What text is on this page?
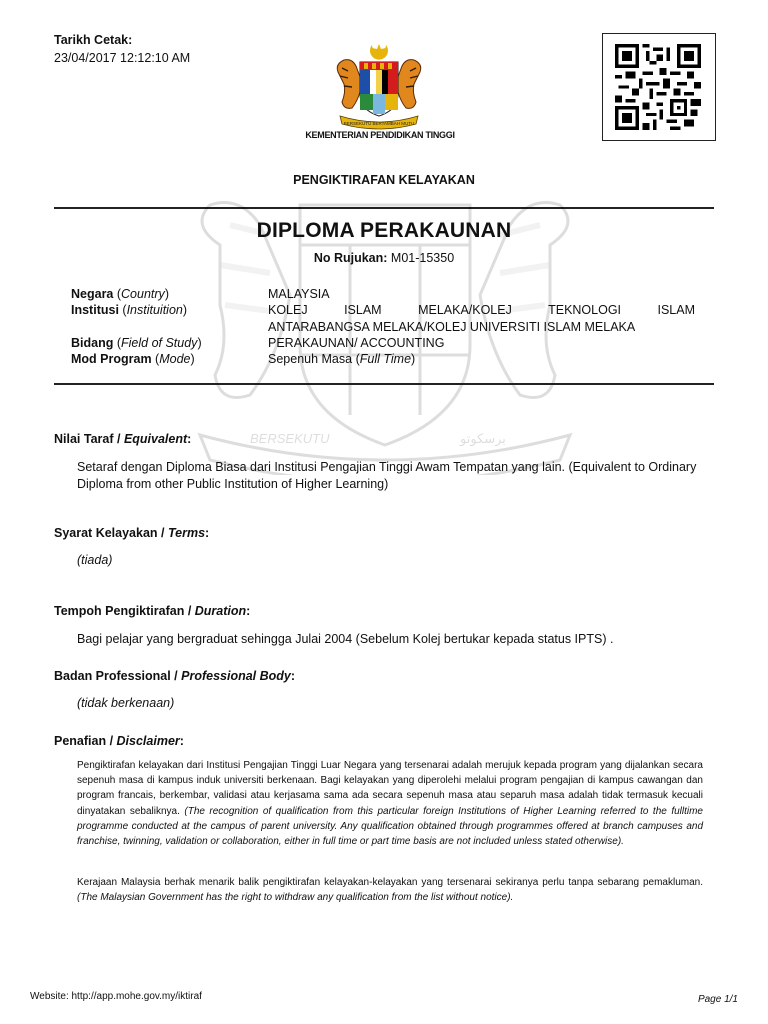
Tarikh Cetak:
23/04/2017 12:12:10 AM
BERSEKUTU BERTAMBAH MUTU
KEMENTERIAN PENDIDIKAN TINGGI
PENGIKTIRAFAN KELAYAKAN
BERSEKUTU	برسكوتو
DIPLOMA PERAKAUNAN
No Rujukan: M01-15350
Negara (Country)	MALAYSIA
Institusi (Instituition)	KOLEJ	ISLAM	MELAKA/KOLEJ	TEKNOLOGI	ISLAM
ANTARABANGSA MELAKA/KOLEJ UNIVERSITI ISLAM MELAKA
Bidang (Field of Study)	PERAKAUNAN/ ACCOUNTING
Mod Program (Mode)	Sepenuh Masa (Full Time)
Nilai Taraf / Equivalent:
Setaraf dengan Diploma Biasa dari Institusi Pengajian Tinggi Awam Tempatan yang lain. (Equivalent to Ordinary Diploma from other Public Institution of Higher Learning)
Syarat Kelayakan / Terms:
(tiada)
Tempoh Pengiktirafan / Duration:
Bagi pelajar yang bergraduat sehingga Julai 2004 (Sebelum Kolej bertukar kepada status IPTS) .
Badan Professional / Professional Body:
(tidak berkenaan)
Penafian / Disclaimer:
Pengiktirafan kelayakan dari Institusi Pengajian Tinggi Luar Negara yang tersenarai adalah merujuk kepada program yang dijalankan secara sepenuh masa di kampus induk universiti berkenaan. Bagi kelayakan yang diperolehi melalui program pengajian di kampus cawangan dan program francais, berkembar, validasi atau kerjasama sama ada secara sepenuh masa atau separuh masa adalah tidak termasuk kecuali dinyatakan sebaliknya. (The recognition of qualification from this particular foreign Institutions of Higher Learning referred to the fulltime programme conducted at the campus of parent university. Any qualification obtained through programmes offered at branch campuses and franchise, twinning, validation or collaboration, either in full time or part time basis are not included unless stated otherwise).
Kerajaan Malaysia berhak menarik balik pengiktirafan kelayakan-kelayakan yang tersenarai sekiranya perlu tanpa sebarang pemakluman. (The Malaysian Government has the right to withdraw any qualification from the list without notice).
Website: http://app.mohe.gov.my/iktiraf	Page 1/1
